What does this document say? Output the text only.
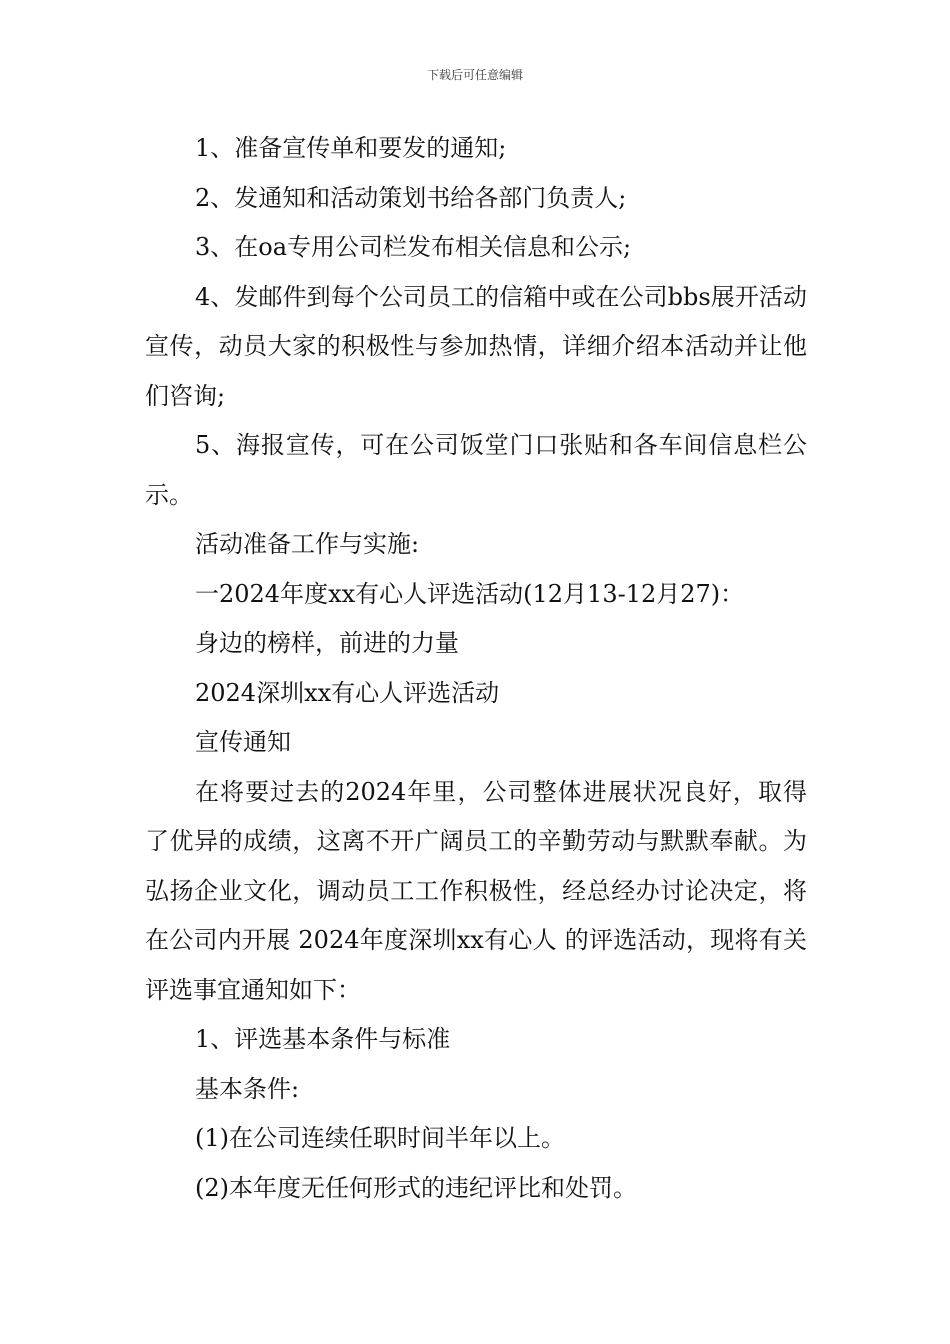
下载后可任意编辑

1、准备宣传单和要发的通知;

2、发通知和活动策划书给各部门负责人;

3、在oa专用公司栏发布相关信息和公示;

4、发邮件到每个公司员工的信箱中或在公司bbs展开活动宣传，动员大家的积极性与参加热情，详细介绍本活动并让他们咨询;

5、海报宣传，可在公司饭堂门口张贴和各车间信息栏公示。

活动准备工作与实施:

一2024年度xx有心人评选活动(12月13-12月27)：

身边的榜样，前进的力量

2024深圳xx有心人评选活动

宣传通知

在将要过去的2024年里，公司整体进展状况良好，取得了优异的成绩，这离不开广阔员工的辛勤劳动与默默奉献。为弘扬企业文化，调动员工工作积极性，经总经办讨论决定，将在公司内开展 2024年度深圳xx有心人 的评选活动，现将有关评选事宜通知如下：

1、评选基本条件与标准

基本条件:

(1)在公司连续任职时间半年以上。

(2)本年度无任何形式的违纪评比和处罚。
